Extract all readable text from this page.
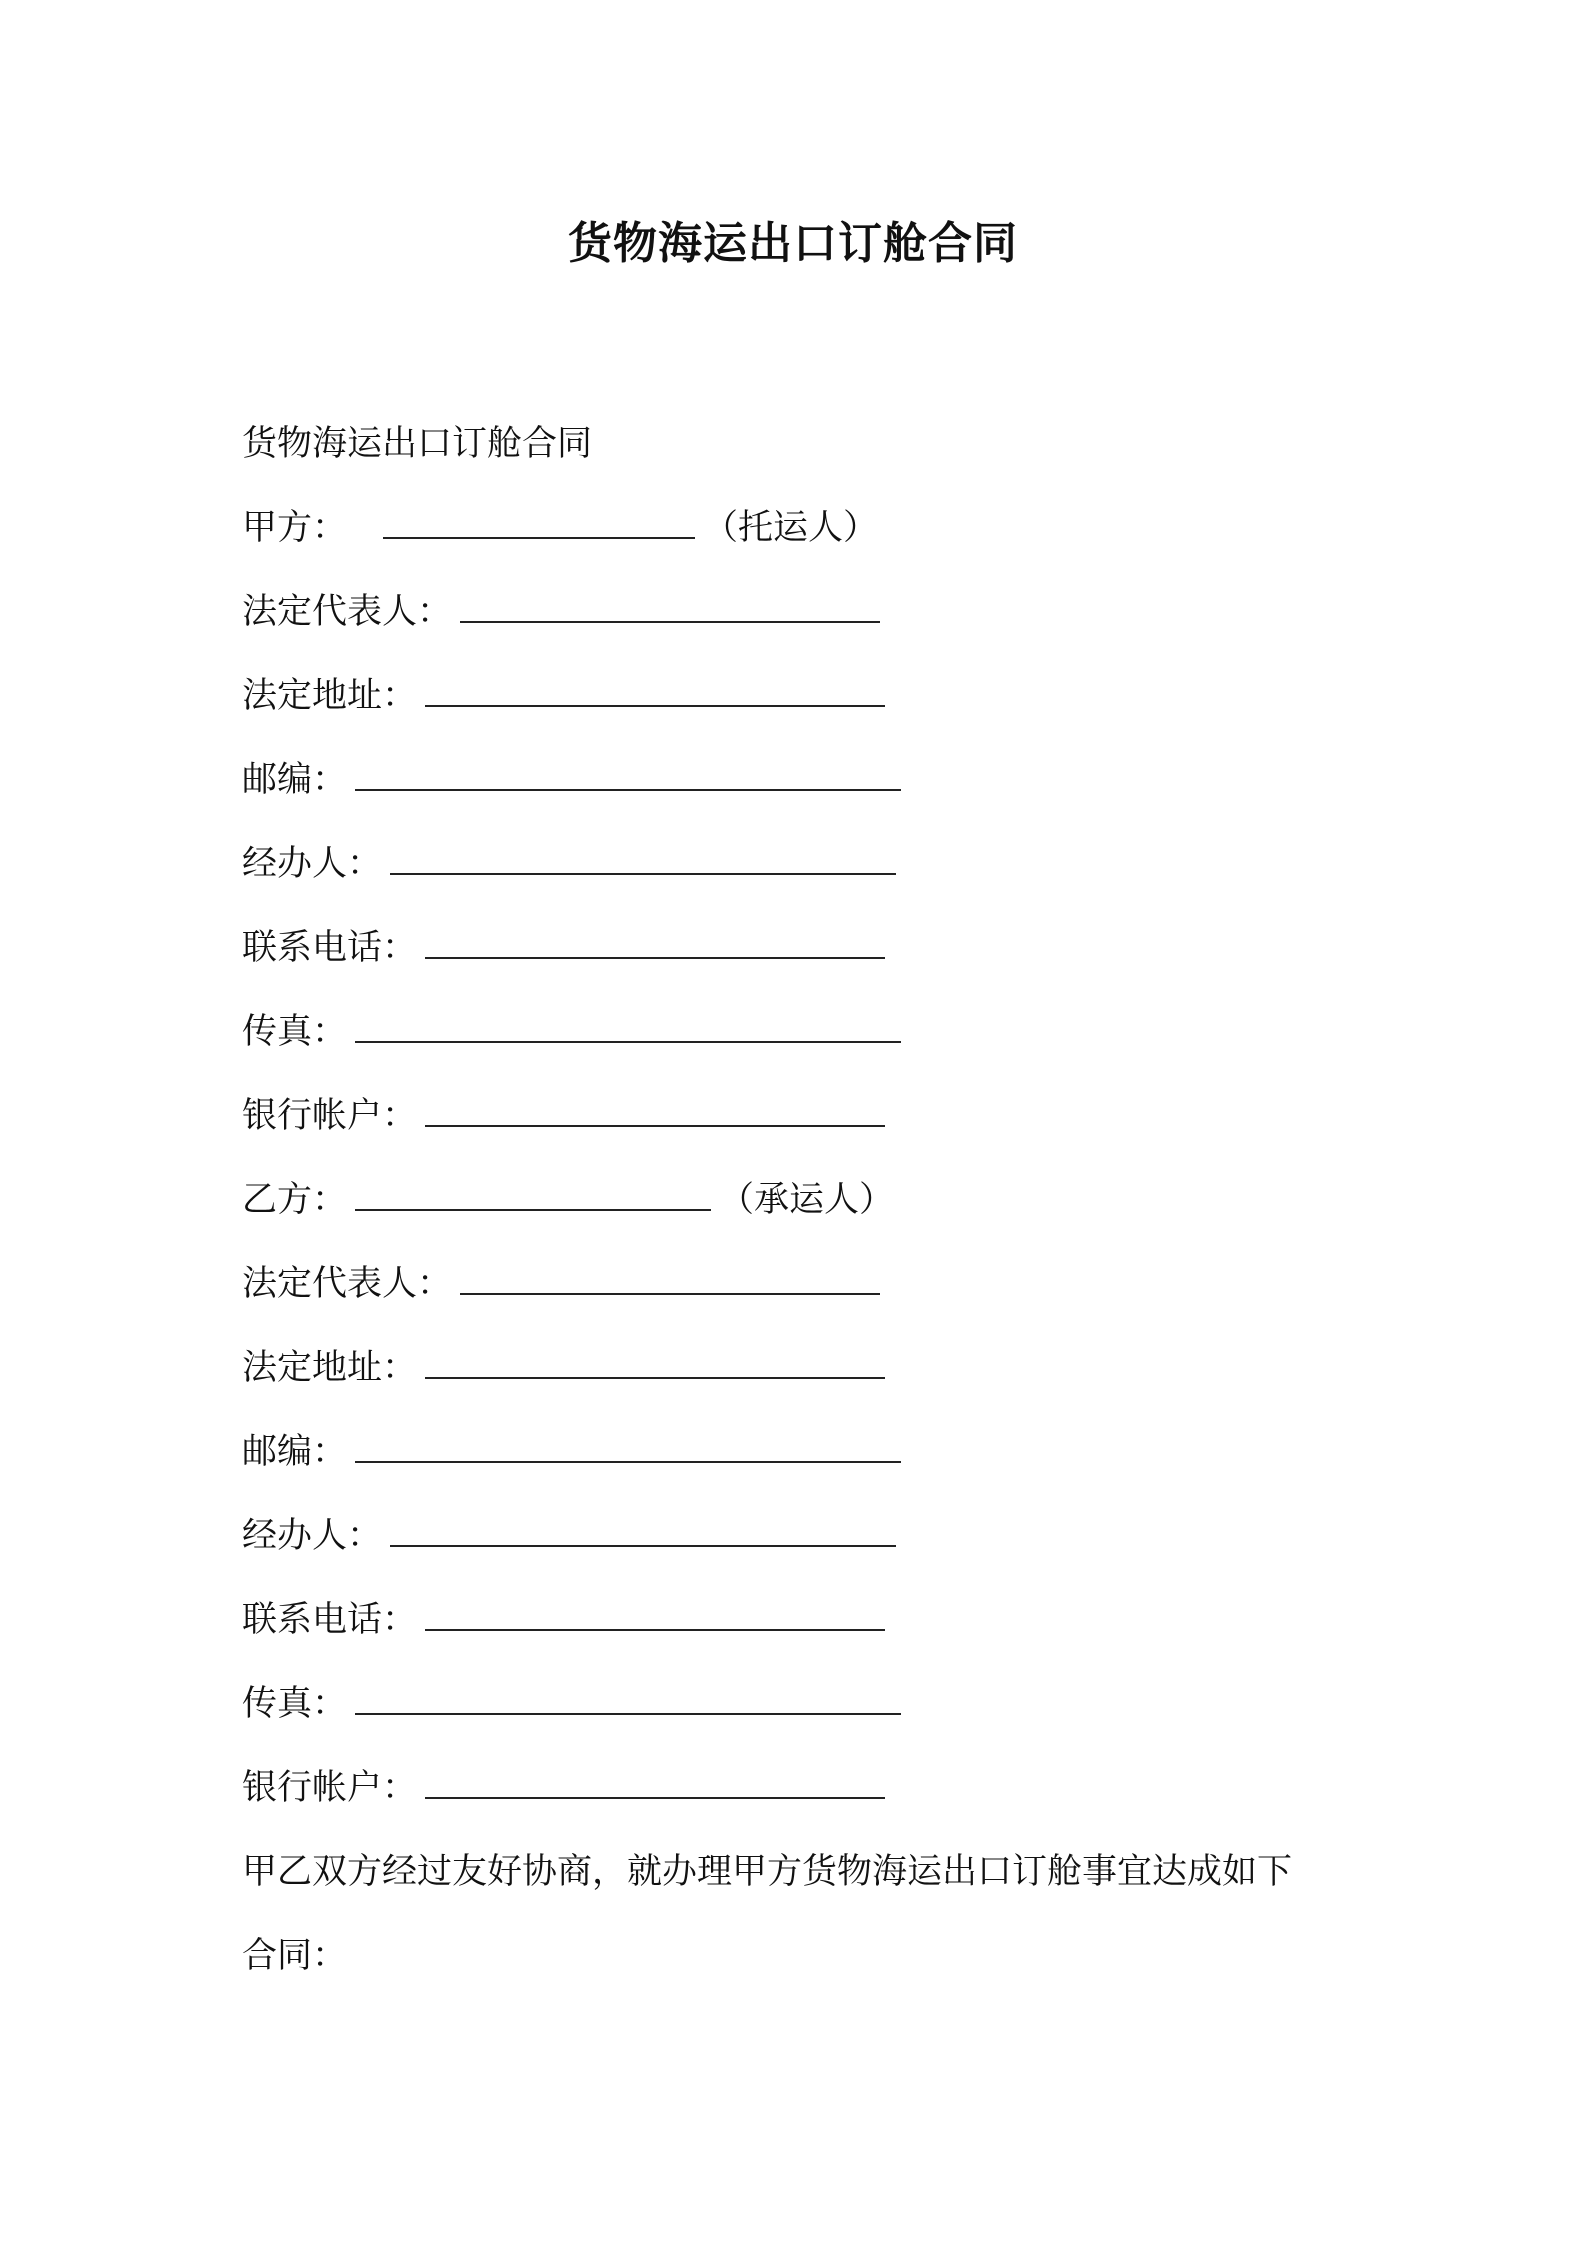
货物海运出口订舱合同
货物海运出口订舱合同
甲方：	（托运人）
法定代表人：
法定地址：
邮编：
经办人：
联系电话：
传真：
银行帐户：
乙方：	（承运人）
法定代表人：
法定地址：
邮编：
经办人：
联系电话：
传真：
银行帐户：
甲乙双方经过友好协商，就办理甲方货物海运出口订舱事宜达成如下
合同：
